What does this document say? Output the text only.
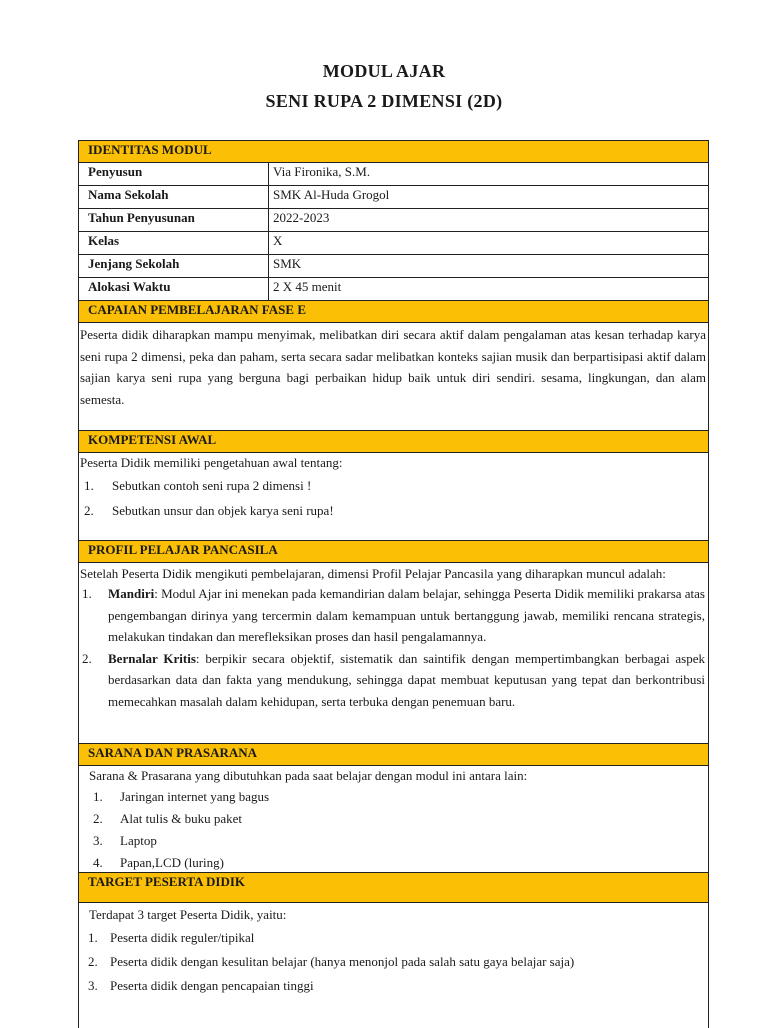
MODUL AJAR
SENI RUPA 2 DIMENSI (2D)
IDENTITAS MODUL
Penyusun	Via Fironika, S.M.
Nama Sekolah	SMK Al-Huda Grogol
Tahun Penyusunan	2022-2023
Kelas	X
Jenjang Sekolah	SMK
Alokasi Waktu	2 X 45 menit
CAPAIAN PEMBELAJARAN FASE E
Peserta didik diharapkan mampu menyimak, melibatkan diri secara aktif dalam pengalaman atas kesan terhadap karya seni rupa 2 dimensi, peka dan paham, serta secara sadar melibatkan konteks sajian musik dan berpartisipasi aktif dalam sajian karya seni rupa yang berguna bagi perbaikan hidup baik untuk diri sendiri. sesama, lingkungan, dan alam semesta.
KOMPETENSI AWAL
Peserta Didik memiliki pengetahuan awal tentang:
1.	Sebutkan contoh seni rupa 2 dimensi !
2.	Sebutkan unsur dan objek karya seni rupa!
PROFIL PELAJAR PANCASILA
Setelah Peserta Didik mengikuti pembelajaran, dimensi Profil Pelajar Pancasila yang diharapkan muncul adalah:
1.	Mandiri: Modul Ajar ini menekan pada kemandirian dalam belajar, sehingga Peserta Didik memiliki prakarsa atas pengembangan dirinya yang tercermin dalam kemampuan untuk bertanggung jawab, memiliki rencana strategis, melakukan tindakan dan merefleksikan proses dan hasil pengalamannya.
2.	Bernalar Kritis: berpikir secara objektif, sistematik dan saintifik dengan mempertimbangkan berbagai aspek berdasarkan data dan fakta yang mendukung, sehingga dapat membuat keputusan yang tepat dan berkontribusi memecahkan masalah dalam kehidupan, serta terbuka dengan penemuan baru.
SARANA DAN PRASARANA
Sarana & Prasarana yang dibutuhkan pada saat belajar dengan modul ini antara lain:
1.	Jaringan internet yang bagus
2.	Alat tulis & buku paket
3.	Laptop
4.	Papan,LCD (luring)
TARGET PESERTA DIDIK
Terdapat 3 target Peserta Didik, yaitu:
1. Peserta didik reguler/tipikal
2. Peserta didik dengan kesulitan belajar (hanya menonjol pada salah satu gaya belajar saja)
3. Peserta didik dengan pencapaian tinggi
